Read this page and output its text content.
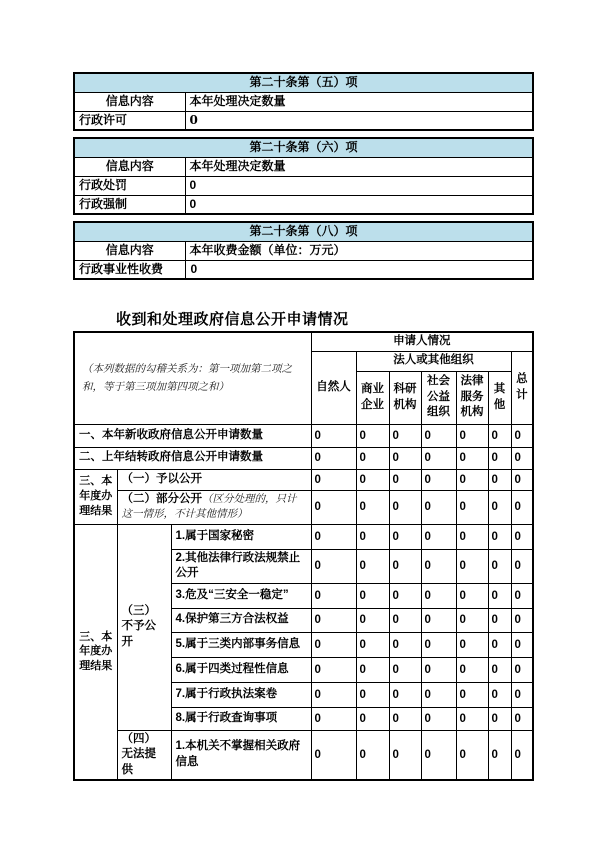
第二十条第（五）项	
信息内容	本年处理决定数量
行政许可	0
第二十条第（六）项	
信息内容	本年处理决定数量
行政处罚	0
行政强制	0
第二十条第（八）项	
信息内容	本年收费金额（单位：万元）
行政事业性收费	0
收到和处理政府信息公开申请情况
（本列数据的勾稽关系为：第一项加第二项之和，等于第三项加第四项之和）			申请人情况						
			自然人	法人或其他组织					总计
				商业企业	科研机构	社会公益组织	法律服务机构	其他	
一、本年新收政府信息公开申请数量			0	0	0	0	0	0	0
二、上年结转政府信息公开申请数量			0	0	0	0	0	0	0
三、本年度办理结果	（一）予以公开		0	0	0	0	0	0	0
	（二）部分公开（区分处理的，只计这一情形，不计其他情形）		0	0	0	0	0	0	0
三、本年度办理结果	（三）不予公开	1.属于国家秘密	0	0	0	0	0	0	0
		2.其他法律行政法规禁止公开	0	0	0	0	0	0	0
		3.危及“三安全一稳定”	0	0	0	0	0	0	0
		4.保护第三方合法权益	0	0	0	0	0	0	0
		5.属于三类内部事务信息	0	0	0	0	0	0	0
		6.属于四类过程性信息	0	0	0	0	0	0	0
		7.属于行政执法案卷	0	0	0	0	0	0	0
		8.属于行政查询事项	0	0	0	0	0	0	0
	（四）无法提供	1.本机关不掌握相关政府信息	0	0	0	0	0	0	0
